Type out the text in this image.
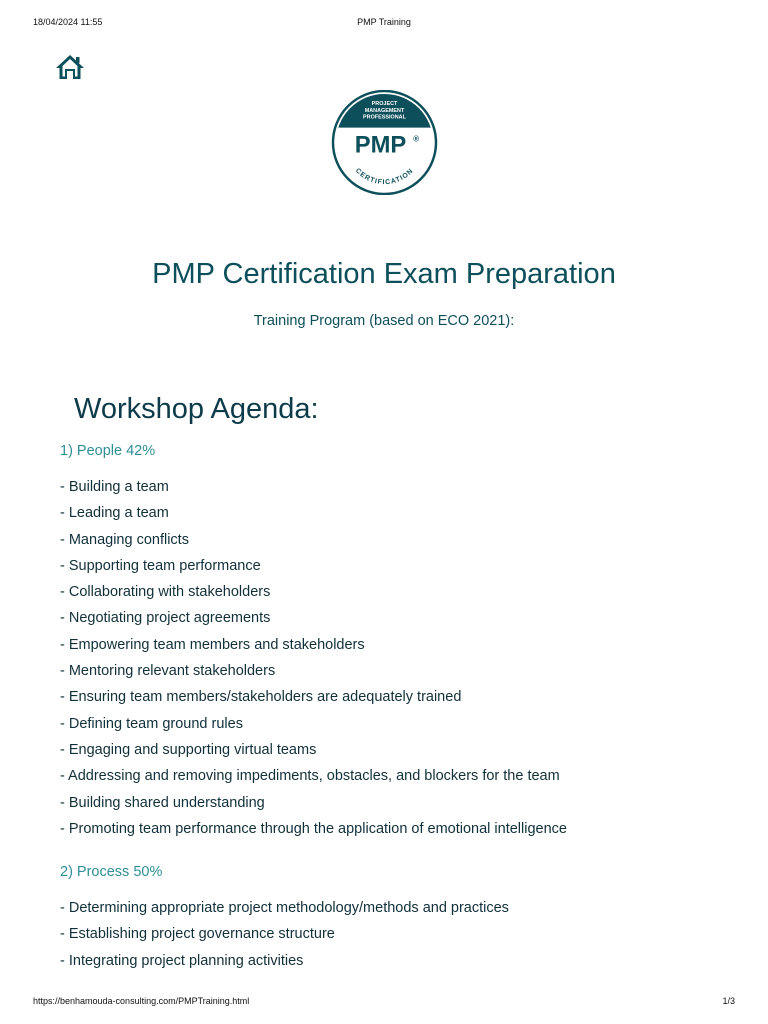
18/04/2024 11:55	PMP Training
PROJECT
MANAGEMENT
PROFESSIONAL
PMP ®
CERTIFICATION
PMP Certification Exam Preparation

Training Program (based on ECO 2021):

Workshop Agenda:
1) People 42%
- Building a team
- Leading a team
- Managing conflicts
- Supporting team performance
- Collaborating with stakeholders
- Negotiating project agreements
- Empowering team members and stakeholders
- Mentoring relevant stakeholders
- Ensuring team members/stakeholders are adequately trained
- Defining team ground rules
- Engaging and supporting virtual teams
- Addressing and removing impediments, obstacles, and blockers for the team
- Building shared understanding
- Promoting team performance through the application of emotional intelligence
2) Process 50%
- Determining appropriate project methodology/methods and practices
- Establishing project governance structure
- Integrating project planning activities
https://benhamouda-consulting.com/PMPTraining.html	1/3
